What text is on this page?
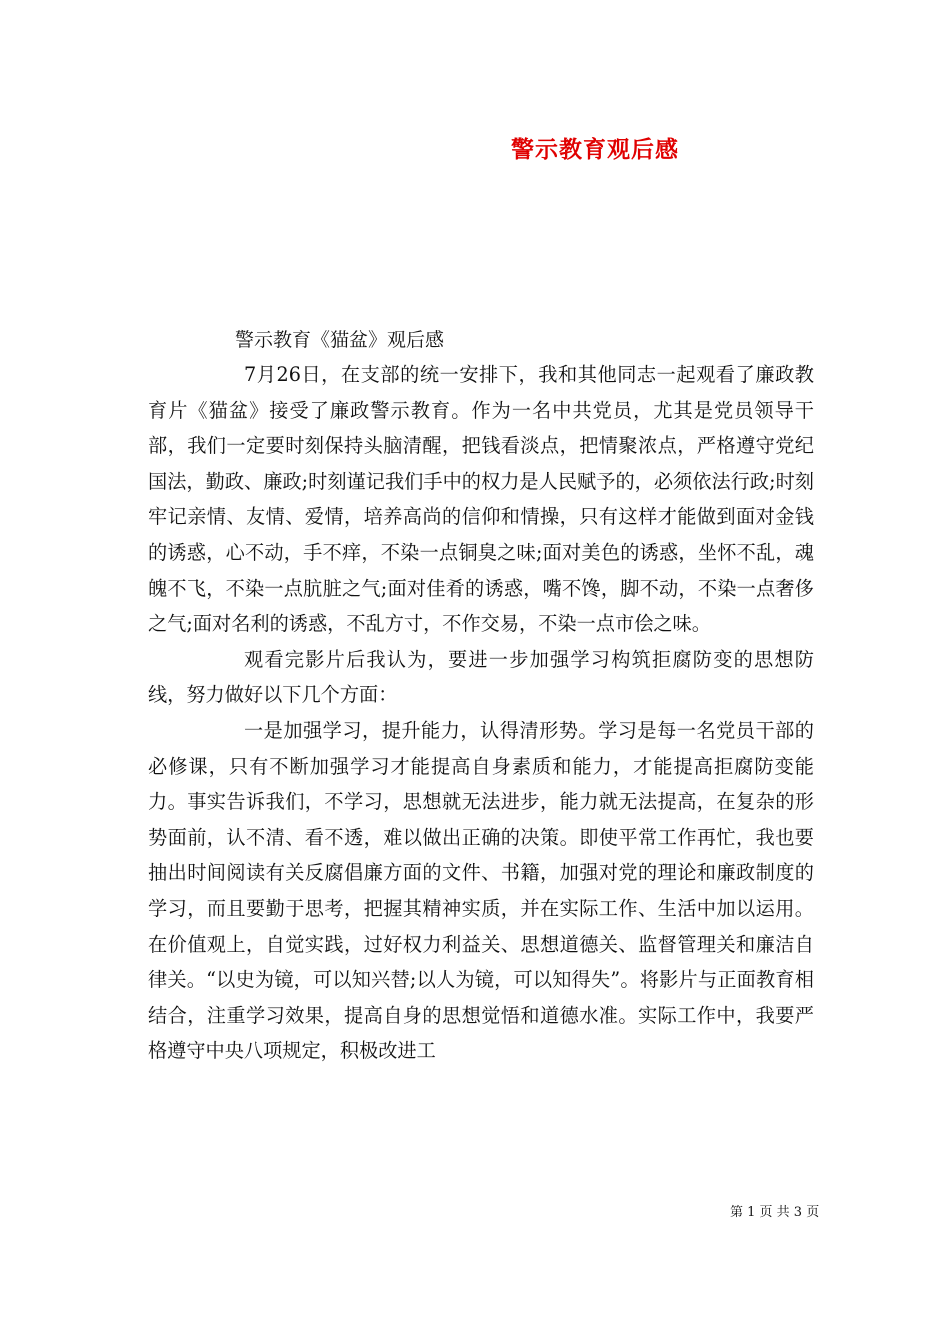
警示教育观后感
警示教育《猫盆》观后感

7月26日，在支部的统一安排下，我和其他同志一起观看了廉政教育片《猫盆》接受了廉政警示教育。作为一名中共党员，尤其是党员领导干部，我们一定要时刻保持头脑清醒，把钱看淡点，把情聚浓点，严格遵守党纪国法，勤政、廉政;时刻谨记我们手中的权力是人民赋予的，必须依法行政;时刻牢记亲情、友情、爱情，培养高尚的信仰和情操，只有这样才能做到面对金钱的诱惑，心不动，手不痒，不染一点铜臭之味;面对美色的诱惑，坐怀不乱，魂魄不飞，不染一点肮脏之气;面对佳肴的诱惑，嘴不馋，脚不动，不染一点奢侈之气;面对名利的诱惑，不乱方寸，不作交易，不染一点市侩之味。

观看完影片后我认为，要进一步加强学习构筑拒腐防变的思想防线，努力做好以下几个方面：

一是加强学习，提升能力，认得清形势。学习是每一名党员干部的必修课，只有不断加强学习才能提高自身素质和能力，才能提高拒腐防变能力。事实告诉我们，不学习，思想就无法进步，能力就无法提高，在复杂的形势面前，认不清、看不透，难以做出正确的决策。即使平常工作再忙，我也要抽出时间阅读有关反腐倡廉方面的文件、书籍，加强对党的理论和廉政制度的学习，而且要勤于思考，把握其精神实质，并在实际工作、生活中加以运用。在价值观上，自觉实践，过好权力利益关、思想道德关、监督管理关和廉洁自律关。“以史为镜，可以知兴替;以人为镜，可以知得失”。将影片与正面教育相结合，注重学习效果，提高自身的思想觉悟和道德水准。实际工作中，我要严格遵守中央八项规定，积极改进工

第 1 页 共 3 页
